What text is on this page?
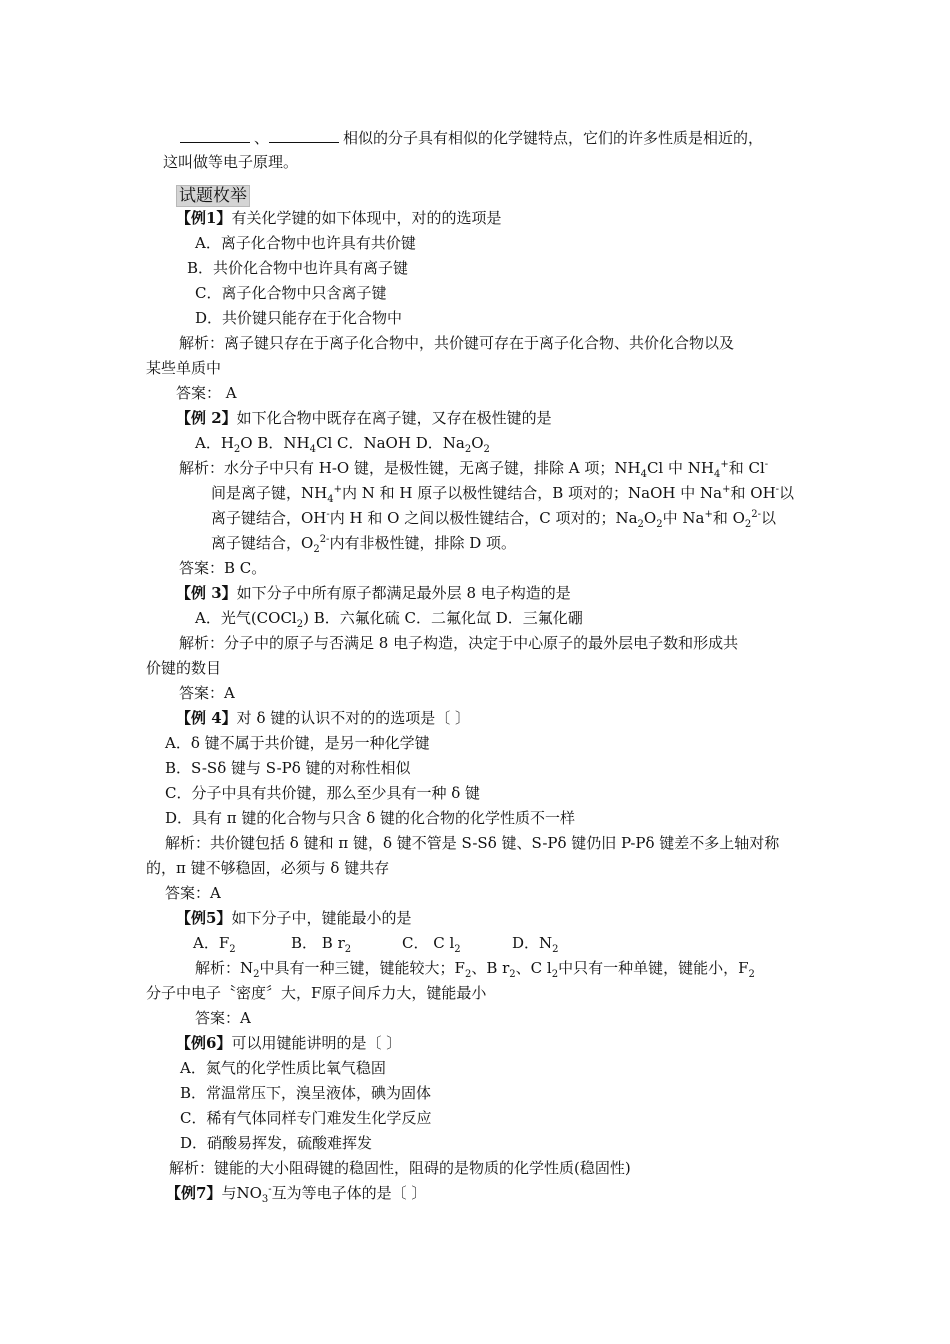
、	相似的分子具有相似的化学键特点，它们的许多性质是相近的，
这叫做等电子原理。
试题枚举
【例1】有关化学键的如下体现中，对的的选项是
A．离子化合物中也许具有共价键
B．共价化合物中也许具有离子键
C．离子化合物中只含离子键
D．共价键只能存在于化合物中
解析：离子键只存在于离子化合物中，共价键可存在于离子化合物、共价化合物以及
某些单质中
答案： A
【例 2】如下化合物中既存在离子键，又存在极性键的是
A．$H_2O$ B．$NH_4Cl$ C．NaOH D．$Na_2O_2$
解析：水分子中只有 H-O 键，是极性键，无离子键，排除 A 项；$NH_4Cl$ 中 $NH_4^+$和 Cl-
间是离子键，$NH_4^+$内 N 和 H 原子以极性键结合，B 项对的；NaOH 中 Na+和 OH-以
离子键结合，OH-内 H 和 O 之间以极性键结合，C 项对的；$Na_2O_2$中 Na+和 $O_2^{2-}$以
离子键结合，$O_2^{2-}$内有非极性键，排除 D 项。
答案：B C。
【例 3】如下分子中所有原子都满足最外层 8 电子构造的是
A．光气(COCl$_2$) B．六氟化硫 C．二氟化氙 D．三氟化硼
解析：分子中的原子与否满足 8 电子构造，决定于中心原子的最外层电子数和形成共
价键的数目
答案：A
【例 4】对 δ 键的认识不对的的选项是〔 〕
A．δ 键不属于共价键，是另一种化学键
B．S-Sδ 键与 S-Pδ 键的对称性相似
C．分子中具有共价键，那么至少具有一种 δ 键
D．具有 π 键的化合物与只含 δ 键的化合物的化学性质不一样
解析：共价键包括 δ 键和 π 键，δ 键不管是 S-Sδ 键、S-Pδ 键仍旧 P-Pδ 键差不多上轴对称
的，π 键不够稳固，必须与 δ 键共存
答案：A
【例5】如下分子中，键能最小的是
A．$F_2$	B． B $r_2$	C． C $l_2$	D．$N_2$
解析：$N_2$中具有一种三键，键能较大；$F_2$、B $r_2$、C $l_2$中只有一种单键，键能小，$F_2$
分子中电子〝密度〞大，F原子间斥力大，键能最小
答案：A
【例6】可以用键能讲明的是〔 〕
A．氮气的化学性质比氧气稳固
B．常温常压下，溴呈液体，碘为固体
C．稀有气体同样专门难发生化学反应
D．硝酸易挥发，硫酸难挥发
解析：键能的大小阻碍键的稳固性，阻碍的是物质的化学性质(稳固性)
【例7】与$NO_3^-$互为等电子体的是〔 〕
